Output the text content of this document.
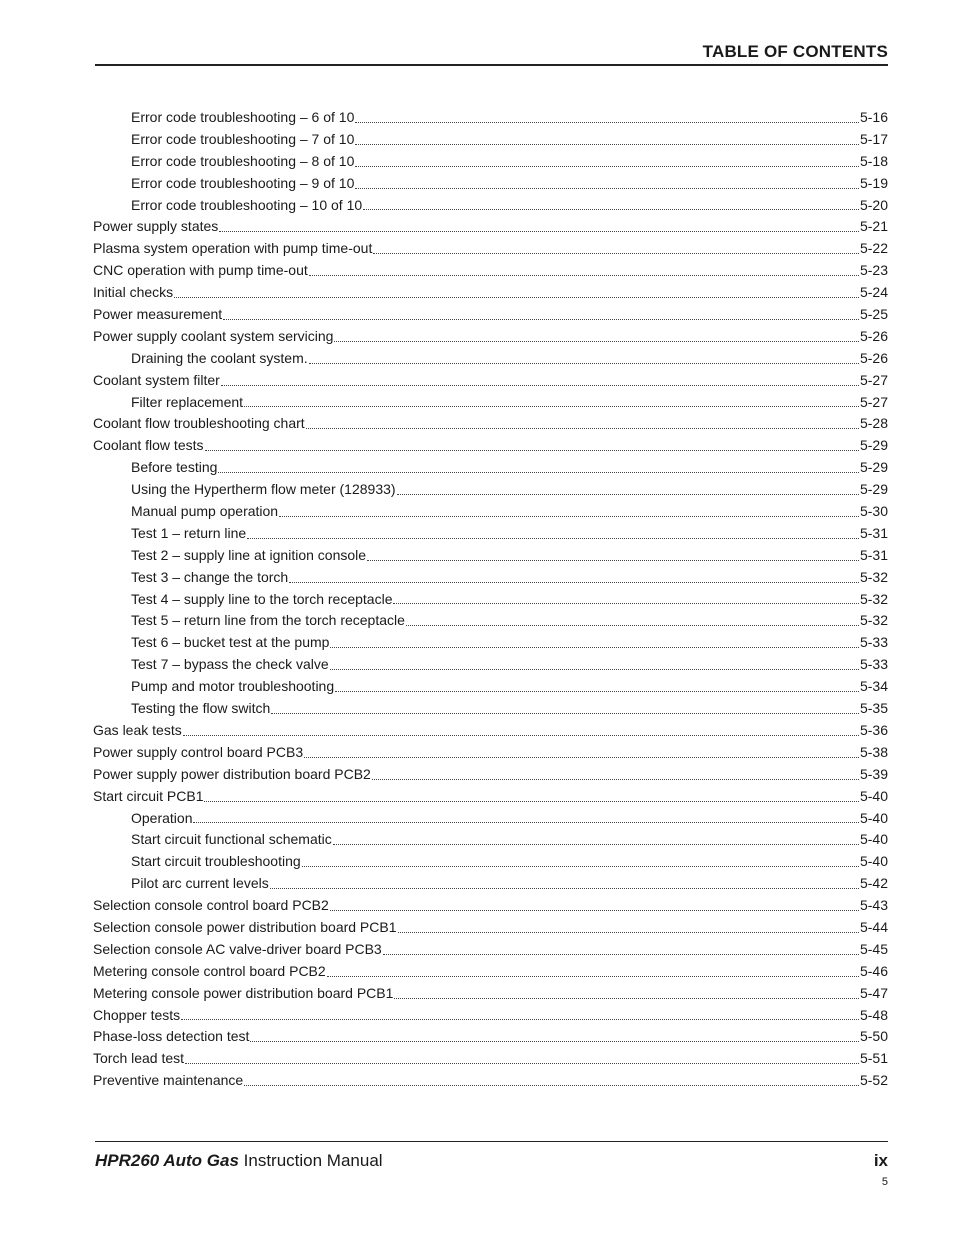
TABLE OF CONTENTS
Error code troubleshooting – 6 of 10	5-16
Error code troubleshooting – 7 of 10	5-17
Error code troubleshooting – 8 of 10	5-18
Error code troubleshooting – 9 of 10	5-19
Error code troubleshooting – 10 of 10	5-20
Power supply states	5-21
Plasma system operation with pump time-out	5-22
CNC operation with pump time-out	5-23
Initial checks	5-24
Power measurement	5-25
Power supply coolant system servicing	5-26
Draining the coolant system.	5-26
Coolant system filter	5-27
Filter replacement	5-27
Coolant flow troubleshooting chart	5-28
Coolant flow tests	5-29
Before testing	5-29
Using the Hypertherm flow meter (128933)	5-29
Manual pump operation	5-30
Test 1 – return line	5-31
Test 2 – supply line at ignition console	5-31
Test 3 – change the torch	5-32
Test 4 – supply line to the torch receptacle	5-32
Test 5 – return line from the torch receptacle	5-32
Test 6 – bucket test at the pump	5-33
Test 7 – bypass the check valve	5-33
Pump and motor troubleshooting	5-34
Testing the flow switch	5-35
Gas leak tests	5-36
Power supply control board PCB3	5-38
Power supply power distribution board PCB2	5-39
Start circuit PCB1	5-40
Operation	5-40
Start circuit functional schematic	5-40
Start circuit troubleshooting	5-40
Pilot arc current levels	5-42
Selection console control board PCB2	5-43
Selection console power distribution board PCB1	5-44
Selection console AC valve-driver board PCB3	5-45
Metering console control board PCB2	5-46
Metering console power distribution board PCB1	5-47
Chopper tests	5-48
Phase-loss detection test	5-50
Torch lead test	5-51
Preventive maintenance	5-52
HPR260 Auto Gas Instruction Manual	ix
5
